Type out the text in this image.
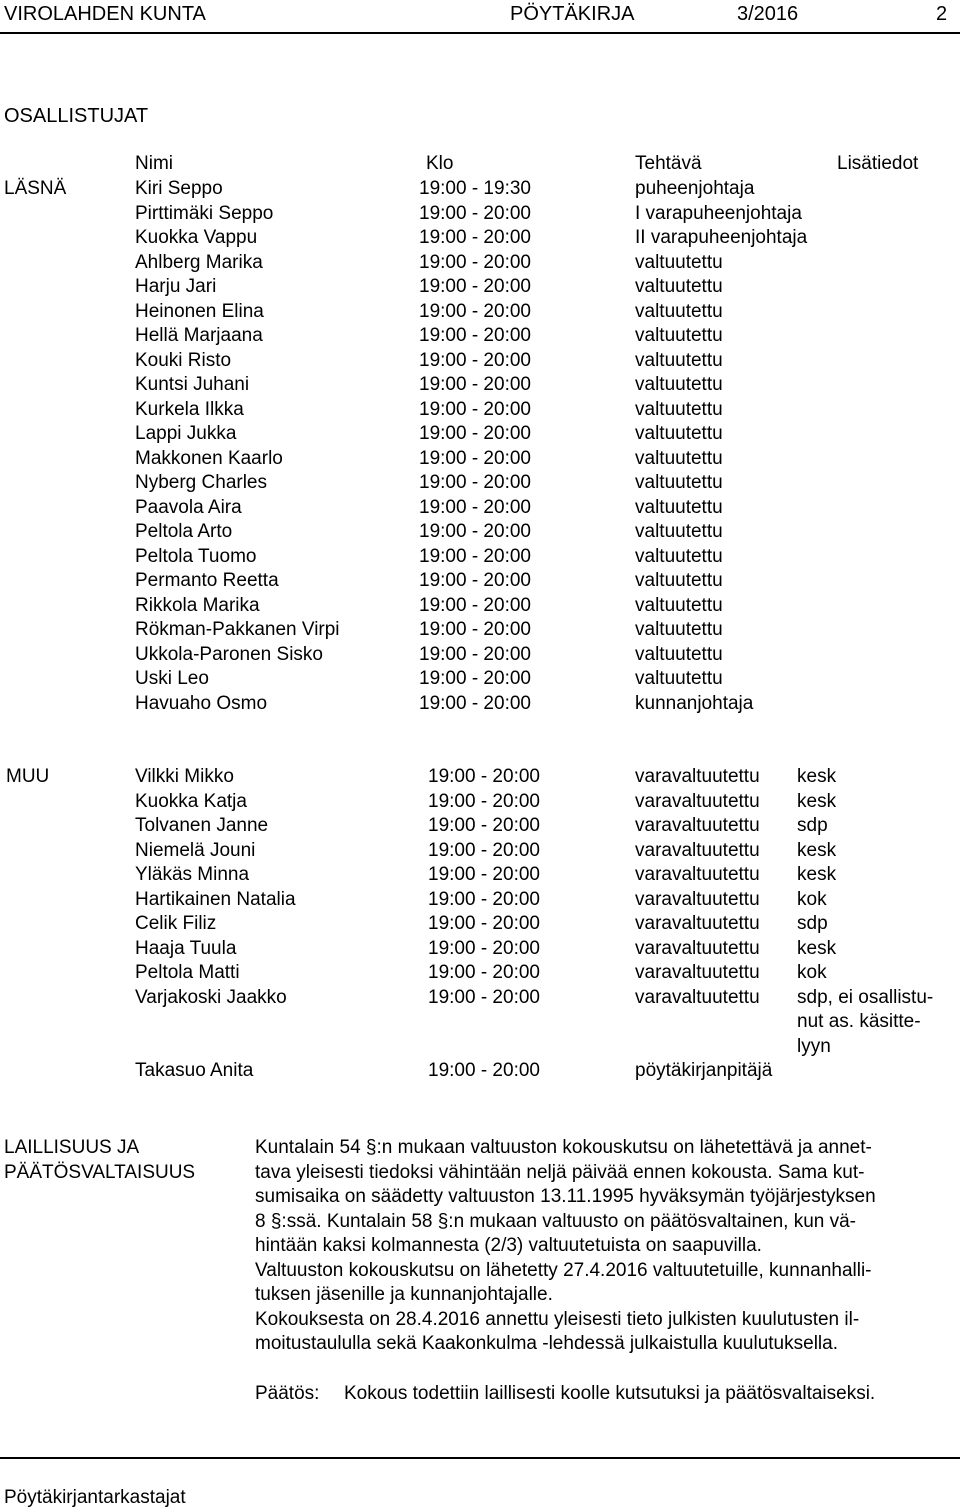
VIROLAHDEN KUNTA	PÖYTÄKIRJA	3/2016	2
OSALLISTUJAT
Nimi	Klo	Tehtävä	Lisätiedot
LÄSNÄ	Kiri Seppo	19:00 - 19:30	puheenjohtaja
Pirttimäki Seppo	19:00 - 20:00	I varapuheenjohtaja
Kuokka Vappu	19:00 - 20:00	II varapuheenjohtaja
Ahlberg Marika	19:00 - 20:00	valtuutettu
Harju Jari	19:00 - 20:00	valtuutettu
Heinonen Elina	19:00 - 20:00	valtuutettu
Hellä Marjaana	19:00 - 20:00	valtuutettu
Kouki Risto	19:00 - 20:00	valtuutettu
Kuntsi Juhani	19:00 - 20:00	valtuutettu
Kurkela Ilkka	19:00 - 20:00	valtuutettu
Lappi Jukka	19:00 - 20:00	valtuutettu
Makkonen Kaarlo	19:00 - 20:00	valtuutettu
Nyberg Charles	19:00 - 20:00	valtuutettu
Paavola Aira	19:00 - 20:00	valtuutettu
Peltola Arto	19:00 - 20:00	valtuutettu
Peltola Tuomo	19:00 - 20:00	valtuutettu
Permanto Reetta	19:00 - 20:00	valtuutettu
Rikkola Marika	19:00 - 20:00	valtuutettu
Rökman-Pakkanen Virpi	19:00 - 20:00	valtuutettu
Ukkola-Paronen Sisko	19:00 - 20:00	valtuutettu
Uski Leo	19:00 - 20:00	valtuutettu
Havuaho Osmo	19:00 - 20:00	kunnanjohtaja
MUU	Vilkki Mikko	19:00 - 20:00	varavaltuutettu kesk
Kuokka Katja	19:00 - 20:00	varavaltuutettu kesk
Tolvanen Janne	19:00 - 20:00	varavaltuutettu sdp
Niemelä Jouni	19:00 - 20:00	varavaltuutettu kesk
Yläkäs Minna	19:00 - 20:00	varavaltuutettu kesk
Hartikainen Natalia	19:00 - 20:00	varavaltuutettu kok
Celik Filiz	19:00 - 20:00	varavaltuutettu sdp
Haaja Tuula	19:00 - 20:00	varavaltuutettu kesk
Peltola Matti	19:00 - 20:00	varavaltuutettu kok
Varjakoski Jaakko	19:00 - 20:00	varavaltuutettu sdp, ei osallistu-
nut as. käsitte-
lyyn
Takasuo Anita	19:00 - 20:00	pöytäkirjanpitäjä
LAILLISUUS JA
PÄÄTÖSVALTAISUUS
Kuntalain 54 §:n mukaan valtuuston kokouskutsu on lähetettävä ja annet-
tava yleisesti tiedoksi vähintään neljä päivää ennen kokousta. Sama kut-
sumisaika on säädetty valtuuston 13.11.1995 hyväksymän työjärjestyksen
8 §:ssä. Kuntalain 58 §:n mukaan valtuusto on päätösvaltainen, kun vä-
hintään kaksi kolmannesta (2/3) valtuutetuista on saapuvilla.
Valtuuston kokouskutsu on lähetetty 27.4.2016 valtuutetuille, kunnanhalli-
tuksen jäsenille ja kunnanjohtajalle.
Kokouksesta on 28.4.2016 annettu yleisesti tieto julkisten kuulutusten il-
moitustaululla sekä Kaakonkulma -lehdessä julkaistulla kuulutuksella.
Päätös: Kokous todettiin laillisesti koolle kutsutuksi ja päätösvaltaiseksi.
Pöytäkirjantarkastajat
